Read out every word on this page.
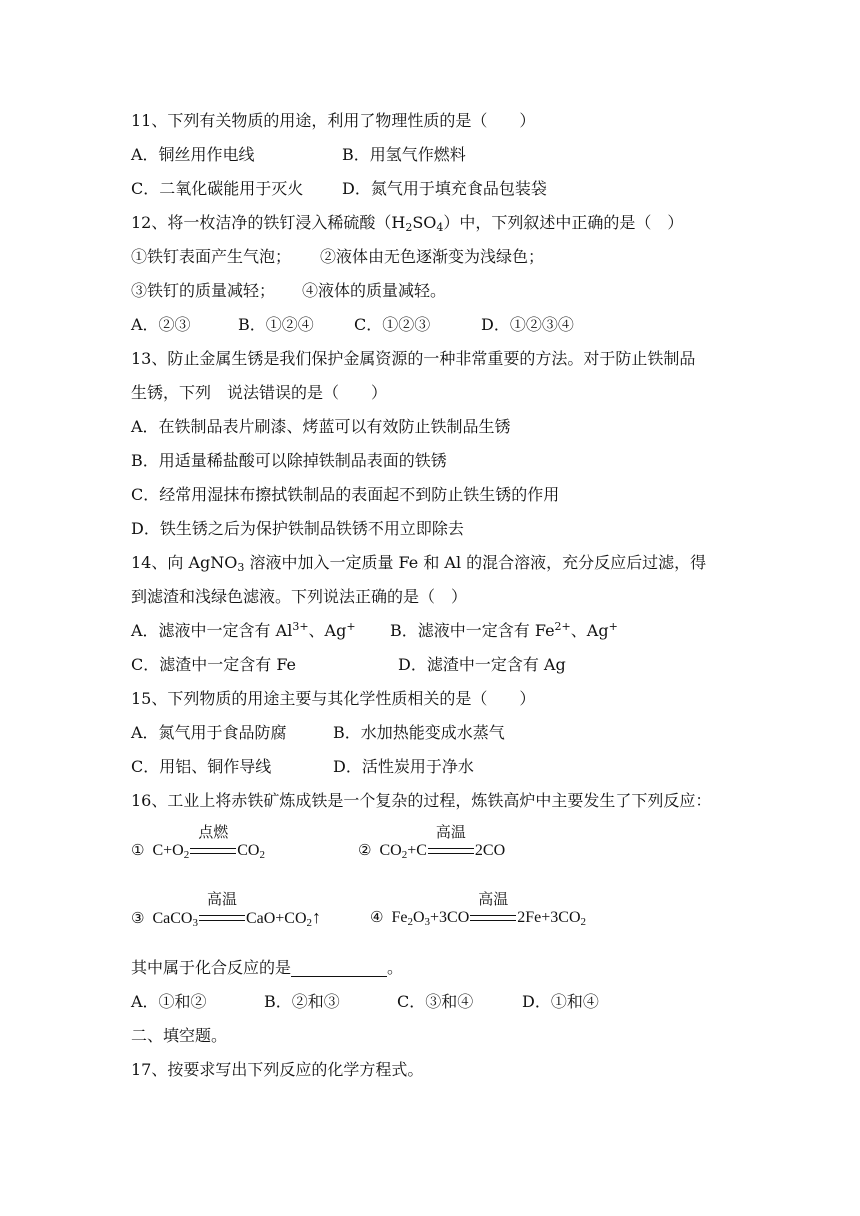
11、下列有关物质的用途，利用了物理性质的是（　　）
A．铜丝用作电线	B．用氢气作燃料
C．二氧化碳能用于灭火 D．氮气用于填充食品包装袋
12、将一枚洁净的铁钉浸入稀硫酸$(H_2SO_4)$中，下列叙述中正确的是（　）
①铁钉表面产生气泡； ②液体由无色逐渐变为浅绿色；
③铁钉的质量减轻； ④液体的质量减轻。
A．②③	B．①②④	C．①②③	D．①②③④
13、防止金属生锈是我们保护金属资源的一种非常重要的方法。对于防止铁制品
生锈，下列　说法错误的是（　　）
A．在铁制品表片刷漆、烤蓝可以有效防止铁制品生锈
B．用适量稀盐酸可以除掉铁制品表面的铁锈
C．经常用湿抹布擦拭铁制品的表面起不到防止铁生锈的作用
D．铁生锈之后为保护铁制品铁锈不用立即除去
14、向 AgNO$_3$ 溶液中加入一定质量 Fe 和 Al 的混合溶液，充分反应后过滤，得
到滤渣和浅绿色滤液。下列说法正确的是（　）
A．滤液中一定含有 $Al^{3+}$、Ag+ B．滤液中一定含有 $Fe^{2+}$、Ag+
C．滤渣中一定含有 Fe	D．滤渣中一定含有 Ag
15、下列物质的用途主要与其化学性质相关的是（　　）
A．氮气用于食品防腐	B．水加热能变成水蒸气
C．用铝、铜作导线	D．活性炭用于净水
16、工业上将赤铁矿炼成铁是一个复杂的过程，炼铁高炉中主要发生了下列反应：
① $C+O_2$
点燃
$CO_2$	② $CO_2+C$
高温
2CO
③ CaCO$_3$
高温
$CaO+CO_2↑$	④ $Fe_2O_3+3CO$
高温
$2Fe+3CO_2$
其中属于化合反应的是	。
A．①和②	B．②和③	C．③和④	D．①和④
二、填空题。
17、按要求写出下列反应的化学方程式。
